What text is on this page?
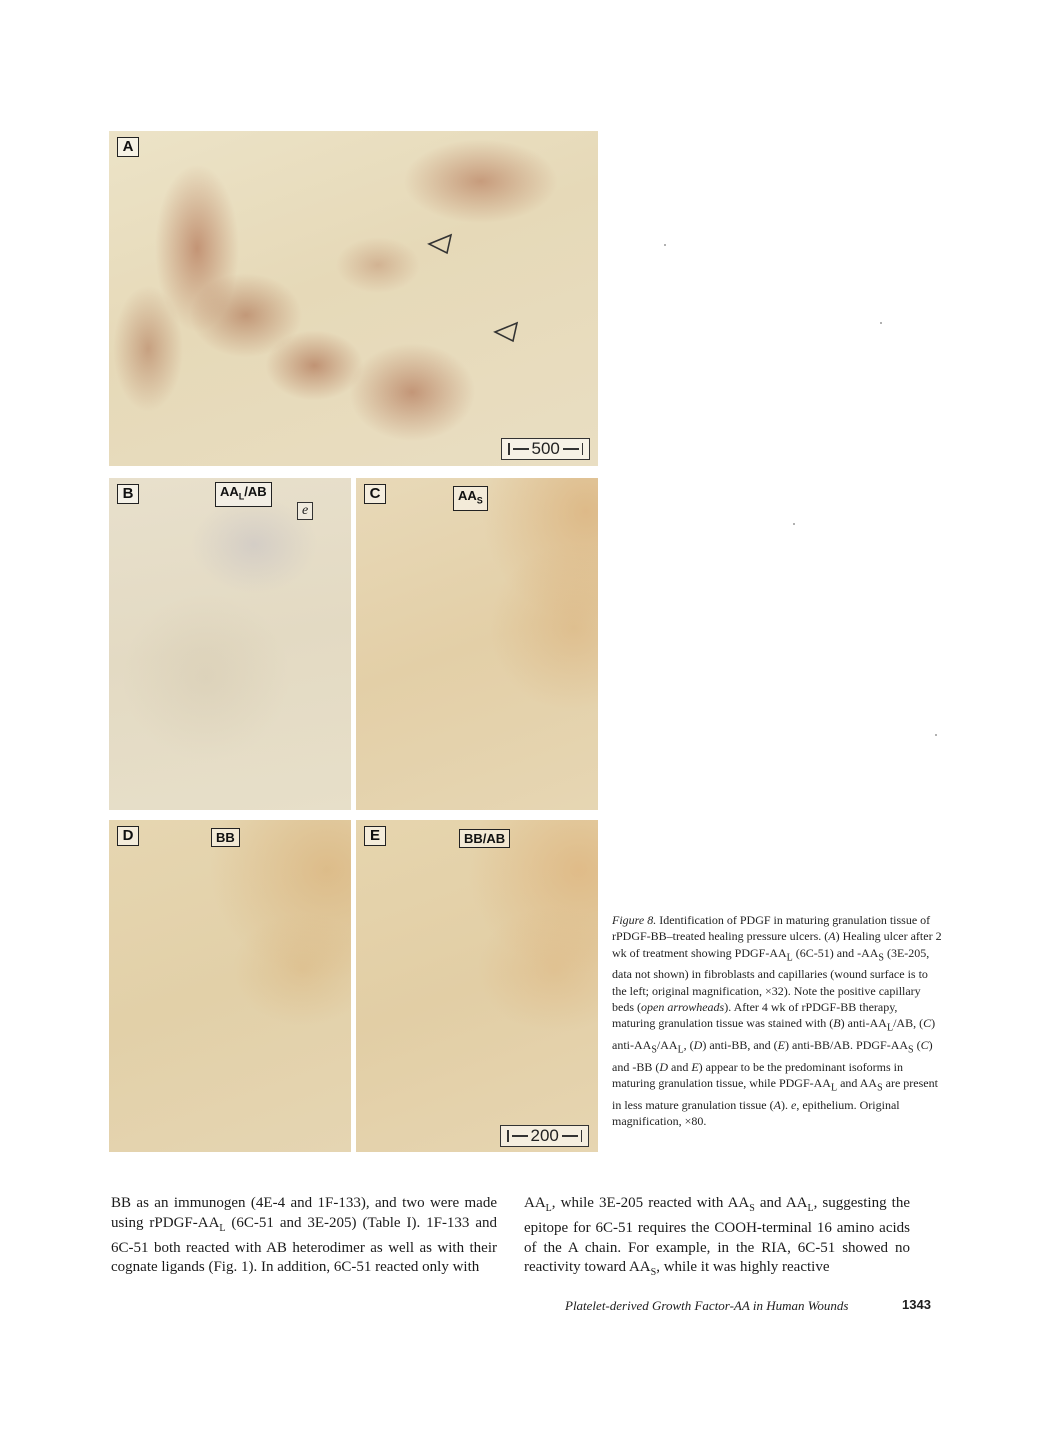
A
500
B	$AA_L/AB$
e
C	$AA_S$
D	BB	E	BB/AB
200
Figure 8. Identification of PDGF in maturing granulation tissue of rPDGF-BB–treated healing pressure ulcers. (A) Healing ulcer after 2 wk of treatment showing PDGF-$AA_L$ (6C-51) and $-AA_S$ (3E-205, data not shown) in fibroblasts and capillaries (wound surface is to the left; original magnification, ×32). Note the positive capillary beds (open arrowheads). After 4 wk of rPDGF-BB therapy, maturing granulation tissue was stained with (B) anti-$AA_L/AB$, (C) anti-$AA_S/AA_L$, (D) anti-BB, and (E) anti-BB/AB. PDGF-$AA_S$ (C) and -BB (D and E) appear to be the predominant isoforms in maturing granulation tissue, while PDGF-$AA_L$ and $AA_S$ are present in less mature granulation tissue (A). e, epithelium. Original magnification, ×80.
BB as an immunogen (4E-4 and 1F-133), and two were made using rPDGF-$AA_L$ (6C-51 and 3E-205) (Table I). 1F-133 and 6C-51 both reacted with AB heterodimer as well as with their cognate ligands (Fig. 1). In addition, 6C-51 reacted only with
$AA_L$, while 3E-205 reacted with $AA_S$ and $AA_L$, suggesting the epitope for 6C-51 requires the COOH-terminal 16 amino acids of the A chain. For example, in the RIA, 6C-51 showed no reactivity toward $AA_S$, while it was highly reactive
Platelet-derived Growth Factor-AA in Human Wounds	1343
